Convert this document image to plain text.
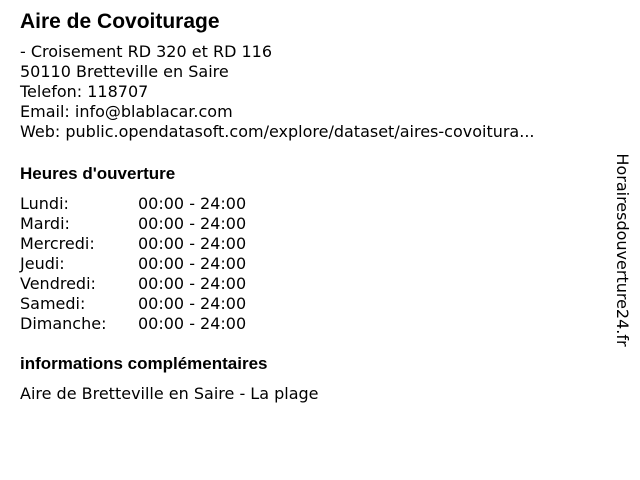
Aire de Covoiturage
- Croisement RD 320 et RD 116
50110 Bretteville en Saire
Telefon: 118707
Email: info@blablacar.com
Web: public.opendatasoft.com/explore/dataset/aires-covoitura...
Heures d'ouverture
Lundi:	00:00 - 24:00
Mardi:	00:00 - 24:00
Mercredi:	00:00 - 24:00
Jeudi:	00:00 - 24:00
Vendredi:	00:00 - 24:00
Samedi:	00:00 - 24:00
Dimanche: 00:00 - 24:00
informations complémentaires
Aire de Bretteville en Saire - La plage
Horairesdouverture24.fr
